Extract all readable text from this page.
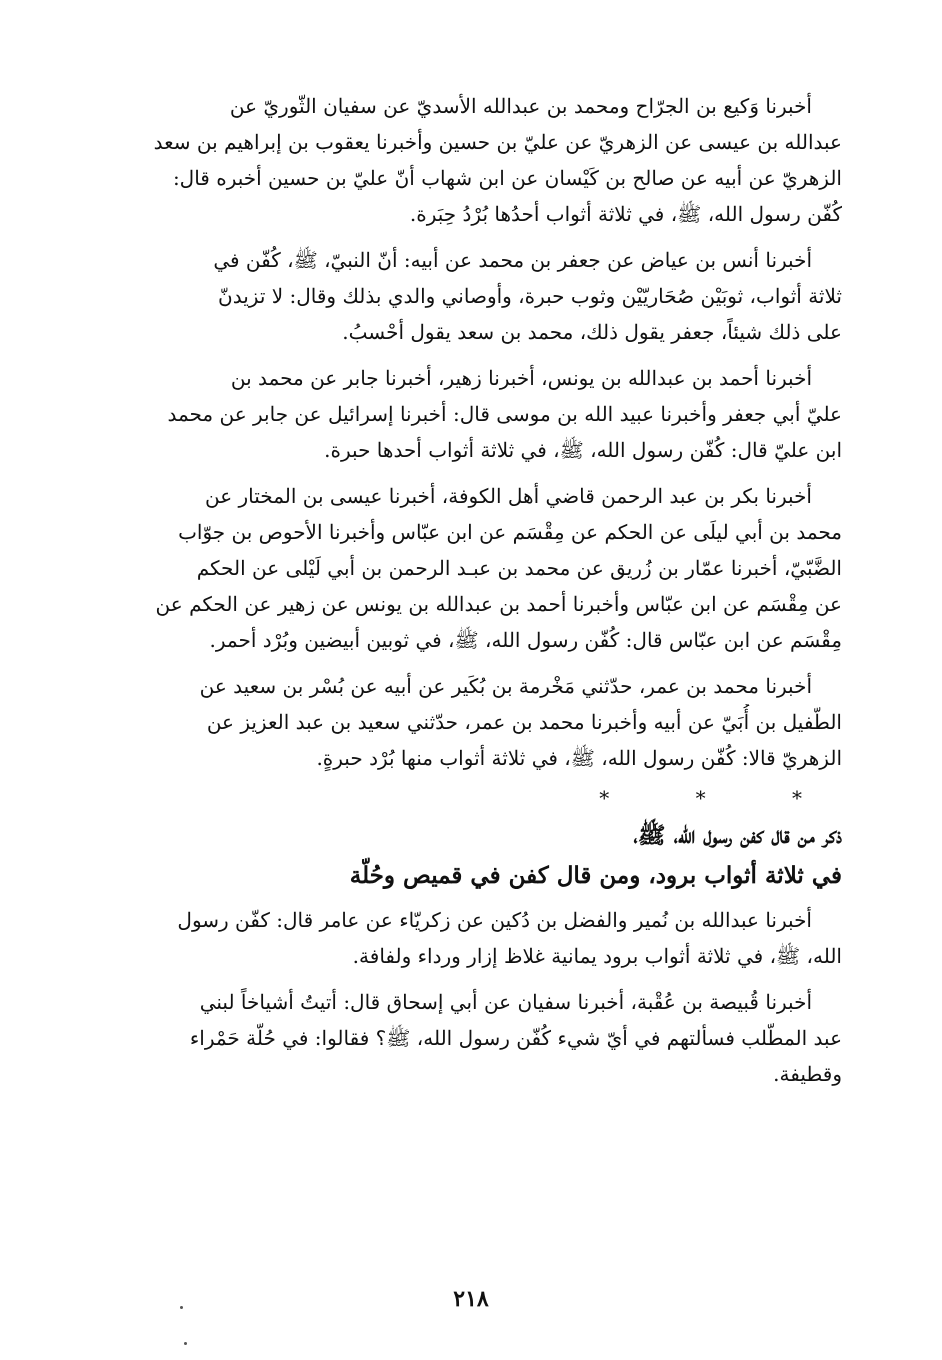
أخبرنا وَكيع بن الجرّاح ومحمد بن عبدالله الأسديّ عن سفيان الثّوريّ عن
عبدالله بن عيسى عن الزهريّ عن عليّ بن حسين وأخبرنا يعقوب بن إبراهيم بن سعد
الزهريّ عن أبيه عن صالح بن كَيْسان عن ابن شهاب أنّ عليّ بن حسين أخبره قال:
كُفّن رسول الله، ﷺ، في ثلاثة أثواب أحدُها بُرْدُ حِبَرة.
أخبرنا أنس بن عياض عن جعفر بن محمد عن أبيه: أنّ النبيّ، ﷺ، كُفّن في
ثلاثة أثواب، ثوبَيْن صُحَاريّيْن وثوب حبرة، وأوصاني والدي بذلك وقال: لا تزيدنّ
على ذلك شيئاً، جعفر يقول ذلك، محمد بن سعد يقول أحْسبُ.
أخبرنا أحمد بن عبدالله بن يونس، أخبرنا زهير، أخبرنا جابر عن محمد بن
عليّ أبي جعفر وأخبرنا عبيد الله بن موسى قال: أخبرنا إسرائيل عن جابر عن محمد
ابن عليّ قال: كُفّن رسول الله، ﷺ، في ثلاثة أثواب أحدها حبرة.
أخبرنا بكر بن عبد الرحمن قاضي أهل الكوفة، أخبرنا عيسى بن المختار عن
محمد بن أبي ليلَى عن الحكم عن مِقْسَم عن ابن عبّاس وأخبرنا الأحوص بن جوّاب
الضَّبّيّ، أخبرنا عمّار بن زُريق عن محمد بن عبـد الرحمن بن أبي لَيْلى عن الحكم
عن مِقْسَم عن ابن عبّاس وأخبرنا أحمد بن عبدالله بن يونس عن زهير عن الحكم عن
مِقْسَم عن ابن عبّاس قال: كُفّن رسول الله، ﷺ، في ثوبين أبيضين وبُرْد أحمر.
أخبرنا محمد بن عمر، حدّثني مَخْرمة بن بُكَير عن أبيه عن بُسْر بن سعيد عن
الطّفيل بن أُبَيّ عن أبيه وأخبرنا محمد بن عمر، حدّثني سعيد بن عبد العزيز عن
الزهريّ قالا: كُفّن رسول الله، ﷺ، في ثلاثة أثواب منها بُرْد حبرةٍ.
* * *
ذكر من قال كفن رسول الله، ﷺ،
في ثلاثة أثواب برود، ومن قال كفن في قميص وحُلّة
أخبرنا عبدالله بن نُمير والفضل بن دُكين عن زكريّاء عن عامر قال: كفّن رسول
الله، ﷺ، في ثلاثة أثواب برود يمانية غلاظ إزار ورداء ولفافة.
أخبرنا قُبيصة بن عُقْبة، أخبرنا سفيان عن أبي إسحاق قال: أتيتُ أشياخاً لبني
عبد المطّلب فسألتهم في أيّ شيء كُفّن رسول الله، ﷺ؟ فقالوا: في حُلّة حَمْراء
وقطيفة.
٢١٨
